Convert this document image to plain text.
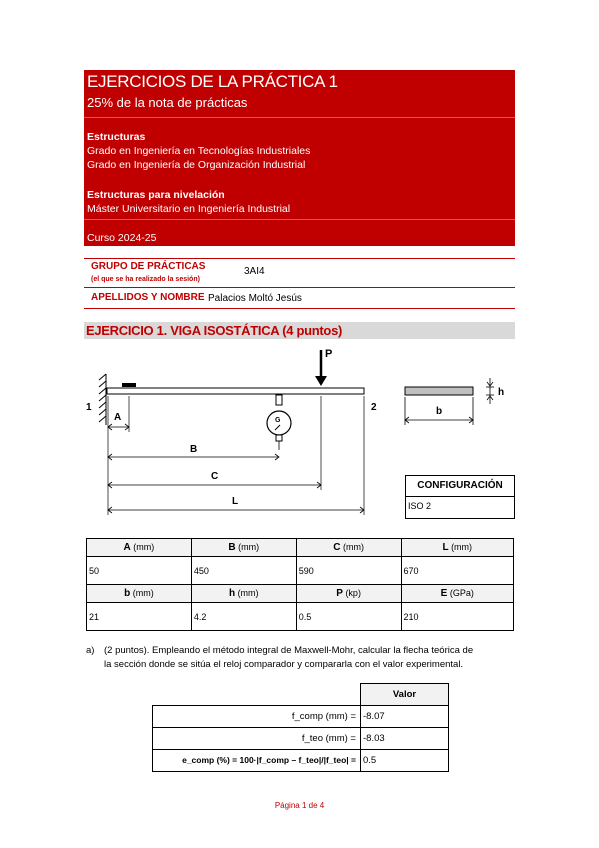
EJERCICIOS DE LA PRÁCTICA 1
25% de la nota de prácticas
Estructuras
Grado en Ingeniería en Tecnologías Industriales
Grado en Ingeniería de Organización Industrial
Estructuras para nivelación
Máster Universitario en Ingeniería Industrial
Curso 2024-25
GRUPO DE PRÁCTICAS
(el que se ha realizado la sesión)
3AI4
APELLIDOS Y NOMBRE Palacios Moltó Jesús
EJERCICIO 1. VIGA ISOSTÁTICA (4 puntos)
P
G
1	2
A
B
C
L
h
b
CONFIGURACIÓN
ISO 2
A (mm)	B (mm)	C (mm)	L (mm)
50	450	590	670
b (mm)	h (mm)	P (kp)	E (GPa)
21	4.2	0.5	210
a)	(2 puntos). Empleando el método integral de Maxwell-Mohr, calcular la flecha teórica de
la sección donde se sitúa el reloj comparador y compararla con el valor experimental.
	Valor
f_comp (mm) =	-8.07
f_teo (mm) =	-8.03
e_comp (%) = 100·|f_comp – f_teo|/|f_teo| =	0.5
Página 1 de 4
